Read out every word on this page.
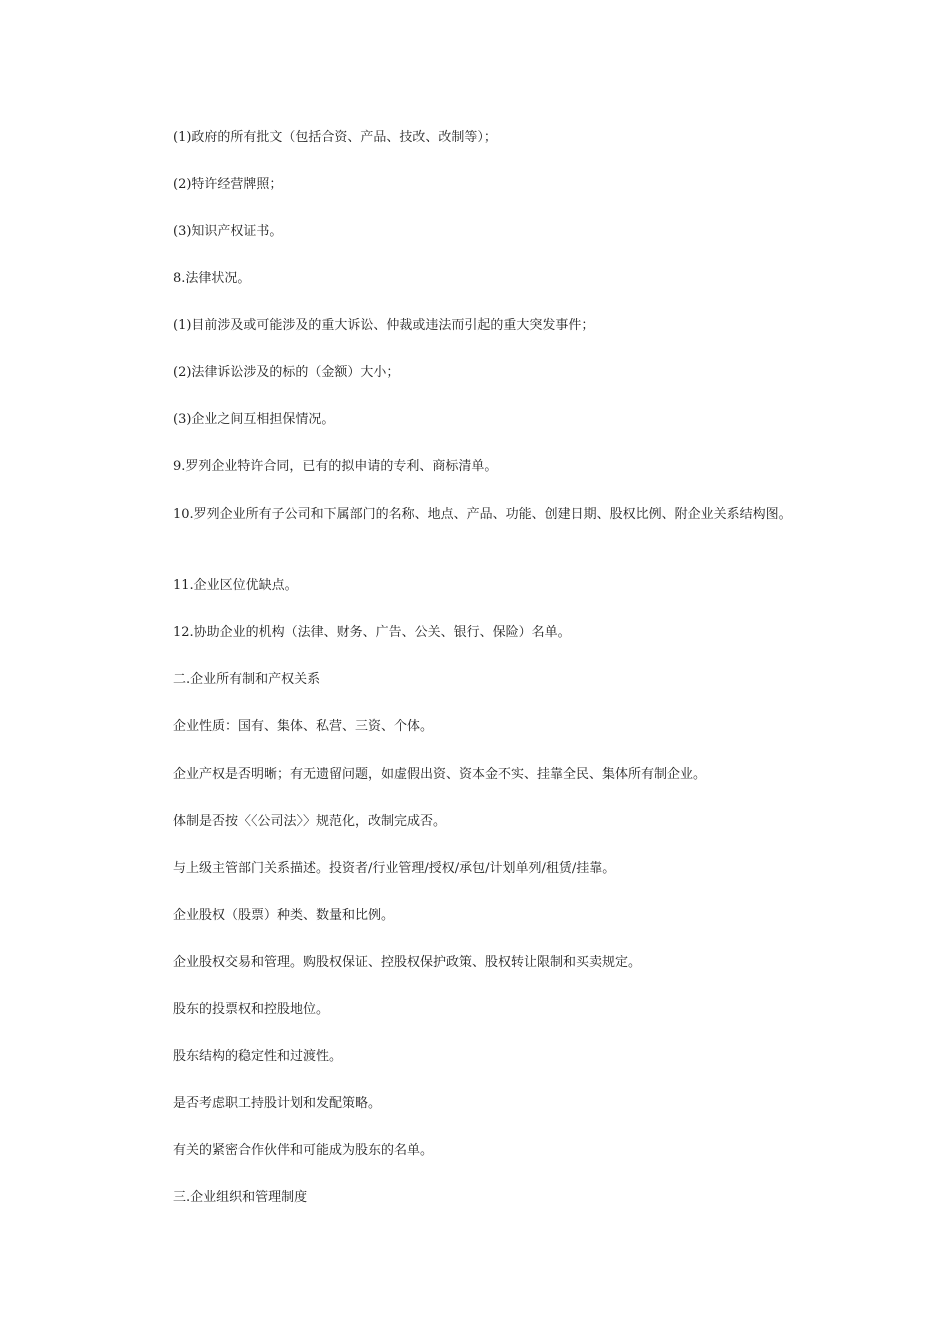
(1)政府的所有批文（包括合资、产品、技改、改制等）；

(2)特许经营牌照；

(3)知识产权证书。

8.法律状况。

(1)目前涉及或可能涉及的重大诉讼、仲裁或违法而引起的重大突发事件；

(2)法律诉讼涉及的标的（金额）大小；

(3)企业之间互相担保情况。

9.罗列企业特许合同，已有的拟申请的专利、商标清单。

10.罗列企业所有子公司和下属部门的名称、地点、产品、功能、创建日期、股权比例、附企业关系结构图。

11.企业区位优缺点。

12.协助企业的机构（法律、财务、广告、公关、银行、保险）名单。

二.企业所有制和产权关系

企业性质：国有、集体、私营、三资、个体。

企业产权是否明晰；有无遗留问题，如虚假出资、资本金不实、挂靠全民、集体所有制企业。

体制是否按〈〈公司法〉〉规范化，改制完成否。

与上级主管部门关系描述。投资者/行业管理/授权/承包/计划单列/租赁/挂靠。

企业股权（股票）种类、数量和比例。

企业股权交易和管理。购股权保证、控股权保护政策、股权转让限制和买卖规定。

股东的投票权和控股地位。

股东结构的稳定性和过渡性。

是否考虑职工持股计划和发配策略。

有关的紧密合作伙伴和可能成为股东的名单。

三.企业组织和管理制度
